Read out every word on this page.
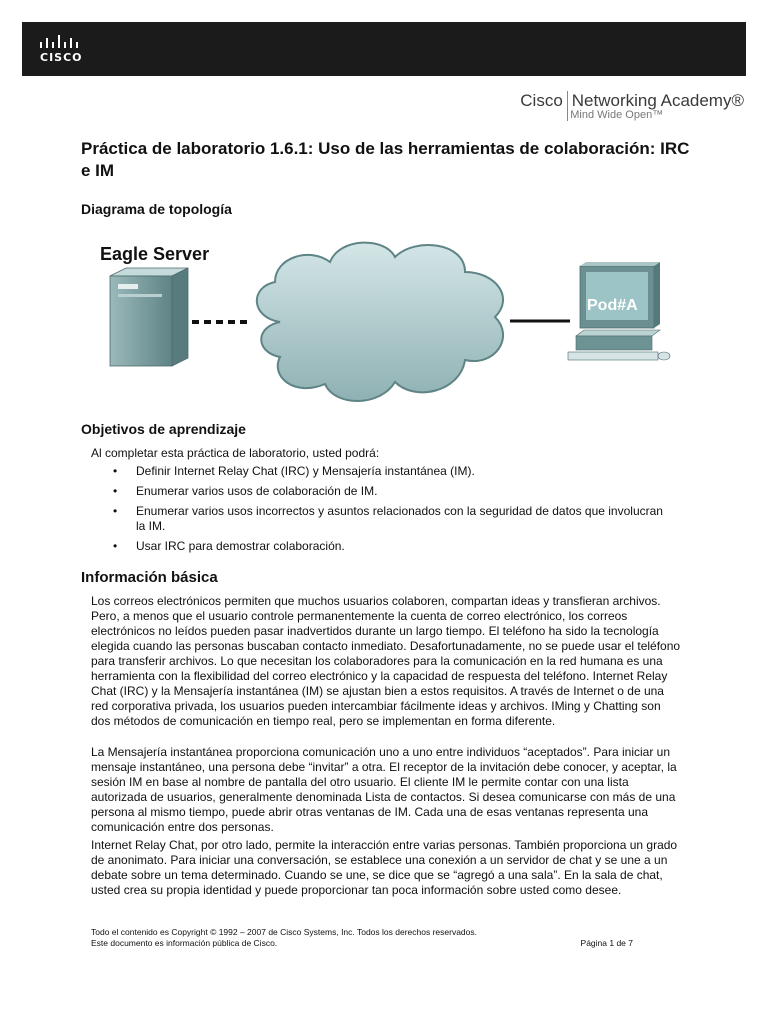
CISCO
Cisco Networking Academy®
Mind Wide Open™
Práctica de laboratorio 1.6.1: Uso de las herramientas de colaboración: IRC e IM
Diagrama de topología
Eagle Server
Pod#A
Objetivos de aprendizaje

Al completar esta práctica de laboratorio, usted podrá:

• Definir Internet Relay Chat (IRC) y Mensajería instantánea (IM).
• Enumerar varios usos de colaboración de IM.
• Enumerar varios usos incorrectos y asuntos relacionados con la seguridad de datos que involucran la IM.
• Usar IRC para demostrar colaboración.
Información básica

Los correos electrónicos permiten que muchos usuarios colaboren, compartan ideas y transfieran archivos. Pero, a menos que el usuario controle permanentemente la cuenta de correo electrónico, los correos electrónicos no leídos pueden pasar inadvertidos durante un largo tiempo. El teléfono ha sido la tecnología elegida cuando las personas buscaban contacto inmediato. Desafortunadamente, no se puede usar el teléfono para transferir archivos. Lo que necesitan los colaboradores para la comunicación en la red humana es una herramienta con la flexibilidad del correo electrónico y la capacidad de respuesta del teléfono. Internet Relay Chat (IRC) y la Mensajería instantánea (IM) se ajustan bien a estos requisitos. A través de Internet o de una red corporativa privada, los usuarios pueden intercambiar fácilmente ideas y archivos. IMing y Chatting son dos métodos de comunicación en tiempo real, pero se implementan en forma diferente.

La Mensajería instantánea proporciona comunicación uno a uno entre individuos “aceptados”. Para iniciar un mensaje instantáneo, una persona debe “invitar” a otra. El receptor de la invitación debe conocer, y aceptar, la sesión IM en base al nombre de pantalla del otro usuario. El cliente IM le permite contar con una lista autorizada de usuarios, generalmente denominada Lista de contactos. Si desea comunicarse con más de una persona al mismo tiempo, puede abrir otras ventanas de IM. Cada una de esas ventanas representa una comunicación entre dos personas.

Internet Relay Chat, por otro lado, permite la interacción entre varias personas. También proporciona un grado de anonimato. Para iniciar una conversación, se establece una conexión a un servidor de chat y se une a un debate sobre un tema determinado. Cuando se une, se dice que se “agregó a una sala”. En la sala de chat, usted crea su propia identidad y puede proporcionar tan poca información sobre usted como desee.

Todo el contenido es Copyright © 1992 – 2007 de Cisco Systems, Inc. Todos los derechos reservados.
Este documento es información pública de Cisco.	Página 1 de 7
